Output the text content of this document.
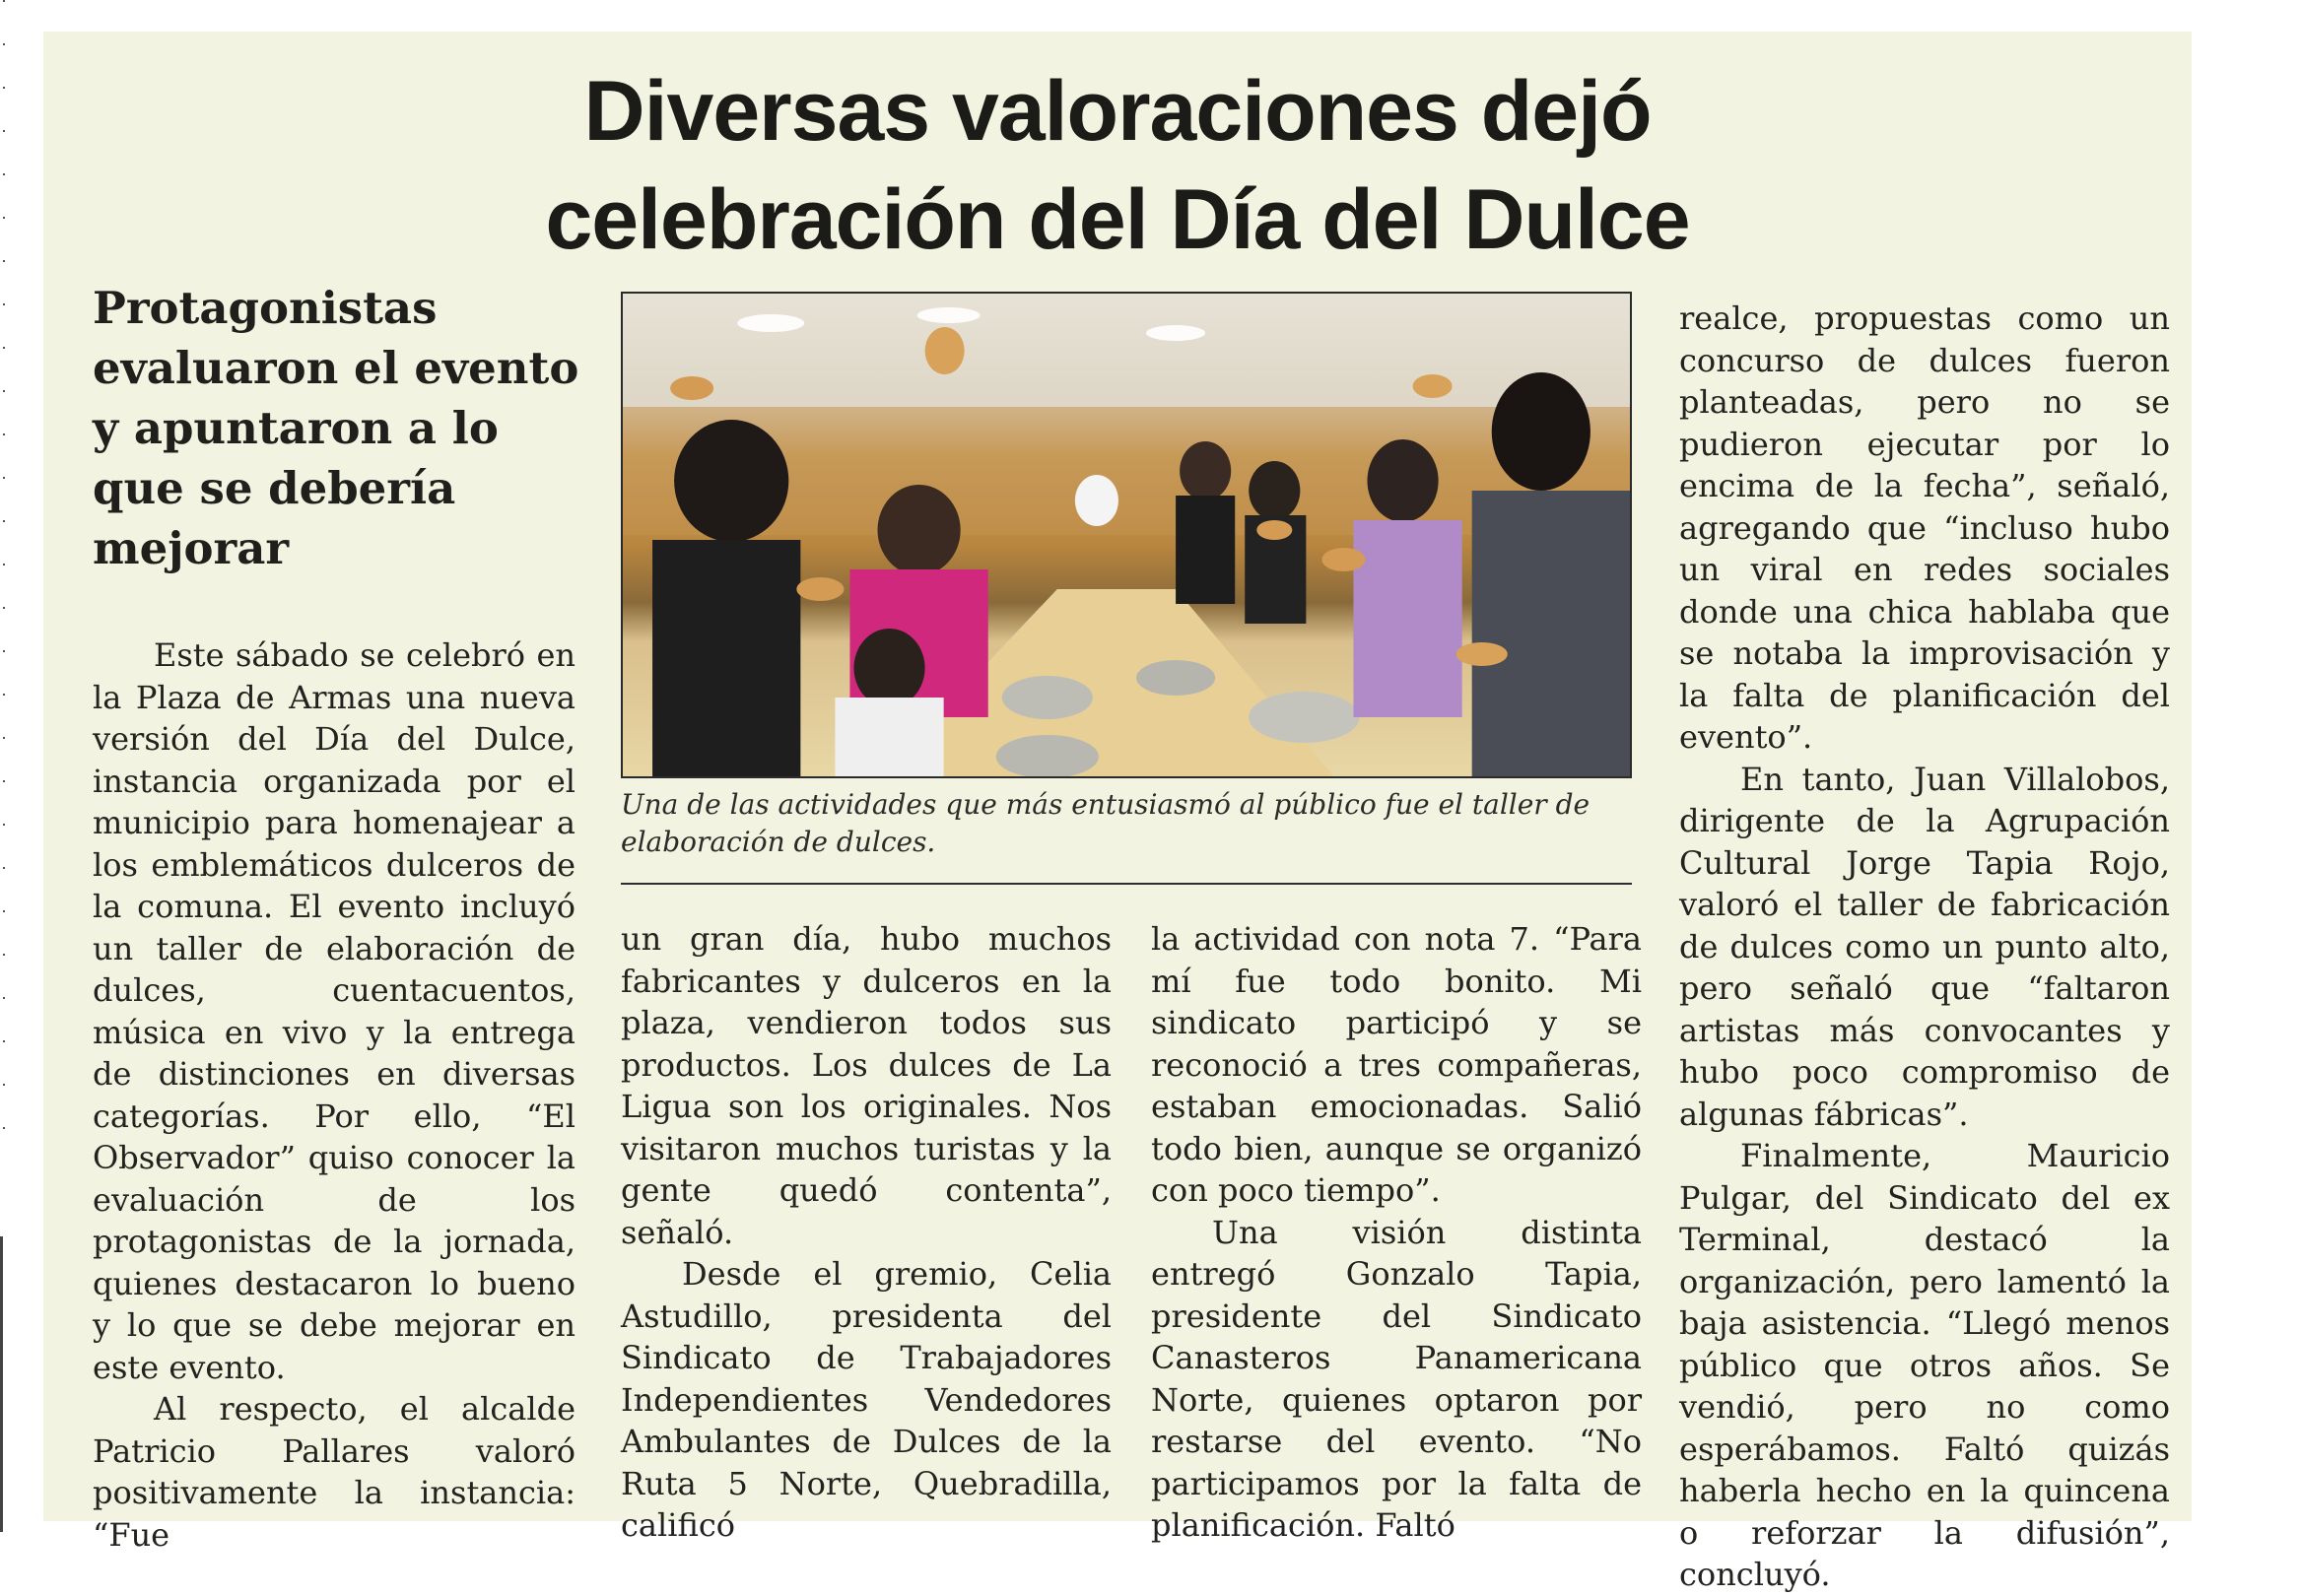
Diversas valoraciones dejó
celebración del Día del Dulce
Protagonistas evaluaron el evento y apuntaron a lo que se debería mejorar

Este sábado se celebró en la Plaza de Armas una nueva versión del Día del Dulce, instancia organizada por el municipio para homenajear a los emblemáticos dulceros de la comuna. El evento incluyó un taller de elaboración de dulces, cuentacuentos, música en vivo y la entrega de distinciones en diversas categorías. Por ello, “El Observador” quiso conocer la evaluación de los protagonistas de la jornada, quienes destacaron lo bueno y lo que se debe mejorar en este evento.

Al respecto, el alcalde Patricio Pallares valoró positivamente la instancia: “Fue

Una de las actividades que más entusiasmó al público fue el taller de elaboración de dulces.

un gran día, hubo muchos fabricantes y dulceros en la plaza, vendieron todos sus productos. Los dulces de La Ligua son los originales. Nos visitaron muchos turistas y la gente quedó contenta”, señaló.

Desde el gremio, Celia Astudillo, presidenta del Sindicato de Trabajadores Independientes Vendedores Ambulantes de Dulces de la Ruta 5 Norte, Quebradilla, calificó

la actividad con nota 7. “Para mí fue todo bonito. Mi sindicato participó y se reconoció a tres compañeras, estaban emocionadas. Salió todo bien, aunque se organizó con poco tiempo”.

Una visión distinta entregó Gonzalo Tapia, presidente del Sindicato Canasteros Panamericana Norte, quienes optaron por restarse del evento. “No participamos por la falta de planificación. Faltó

realce, propuestas como un concurso de dulces fueron planteadas, pero no se pudieron ejecutar por lo encima de la fecha”, señaló, agregando que “incluso hubo un viral en redes sociales donde una chica hablaba que se notaba la improvisación y la falta de planificación del evento”.

En tanto, Juan Villalobos, dirigente de la Agrupación Cultural Jorge Tapia Rojo, valoró el taller de fabricación de dulces como un punto alto, pero señaló que “faltaron artistas más convocantes y hubo poco compromiso de algunas fábricas”.

Finalmente, Mauricio Pulgar, del Sindicato del ex Terminal, destacó la organización, pero lamentó la baja asistencia. “Llegó menos público que otros años. Se vendió, pero no como esperábamos. Faltó quizás haberla hecho en la quincena o reforzar la difusión”, concluyó.
